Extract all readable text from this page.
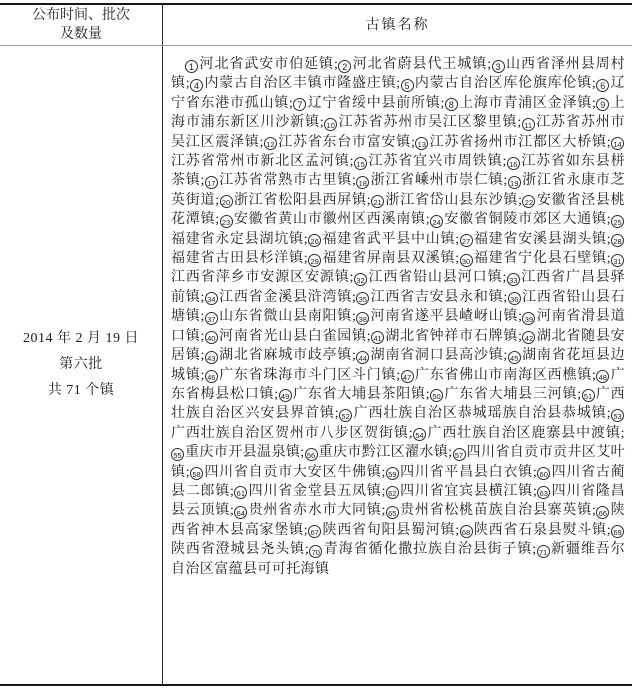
公布时间、批次
及数量
古镇名称
2014 年 2 月 19 日
第六批
共 71 个镇
1 河北省武安市伯延镇; 2 河北省蔚县代王城镇; 3 山西省泽州县周村镇; 4 内蒙古自治区丰镇市隆盛庄镇; 5 内蒙古自治区库伦旗库伦镇; 6 辽宁省东港市孤山镇; 7 辽宁省绥中县前所镇; 8 上海市青浦区金泽镇; 9 上海市浦东新区川沙新镇; 10 江苏省苏州市吴江区黎里镇; 11 江苏省苏州市吴江区震泽镇; 12 江苏省东台市富安镇; 13 江苏省扬州市江都区大桥镇; 14江苏省常州市新北区孟河镇; 15 江苏省宜兴市周铁镇; 16 江苏省如东县栟茶镇; 17 江苏省常熟市古里镇; 18 浙江省嵊州市崇仁镇; 19 浙江省永康市芝英街道; 20 浙江省松阳县西屏镇; 21 浙江省岱山县东沙镇; 22 安徽省泾县桃花潭镇; 23 安徽省黄山市徽州区西溪南镇; 24 安徽省铜陵市郊区大通镇; 25福建省永定县湖坑镇; 26 福建省武平县中山镇; 27 福建省安溪县湖头镇; 28福建省古田县杉洋镇; 29 福建省屏南县双溪镇; 30 福建省宁化县石壁镇; 31江西省萍乡市安源区安源镇; 32 江西省铅山县河口镇; 33 江西省广昌县驿前镇; 34 江西省金溪县浒湾镇; 35 江西省吉安县永和镇; 36 江西省铅山县石塘镇; 37 山东省微山县南阳镇; 38 河南省遂平县嵖岈山镇; 39 河南省滑县道口镇; 40 河南省光山县白雀园镇; 41 湖北省钟祥市石牌镇; 42 湖北省随县安居镇; 43 湖北省麻城市歧亭镇; 44 湖南省洞口县高沙镇; 45 湖南省花垣县边城镇; 46 广东省珠海市斗门区斗门镇; 47 广东省佛山市南海区西樵镇; 48 广东省梅县松口镇; 49 广东省大埔县茶阳镇; 50 广东省大埔县三河镇; 51 广西壮族自治区兴安县界首镇; 52 广西壮族自治区恭城瑶族自治县恭城镇; 53广西壮族自治区贺州市八步区贺街镇; 54 广西壮族自治区鹿寨县中渡镇;55 重庆市开县温泉镇; 56 重庆市黔江区濯水镇; 57 四川省自贡市贡井区艾叶镇; 58 四川省自贡市大安区牛佛镇; 59 四川省平昌县白衣镇; 60 四川省古蔺县二郎镇; 61 四川省金堂县五凤镇; 62 四川省宜宾县横江镇; 63 四川省隆昌县云顶镇; 64 贵州省赤水市大同镇; 65 贵州省松桃苗族自治县寨英镇; 66 陕西省神木县高家堡镇; 67 陕西省旬阳县蜀河镇; 68 陕西省石泉县熨斗镇; 69陕西省澄城县尧头镇; 70 青海省循化撒拉族自治县街子镇; 71 新疆维吾尔自治区富蕴县可可托海镇
